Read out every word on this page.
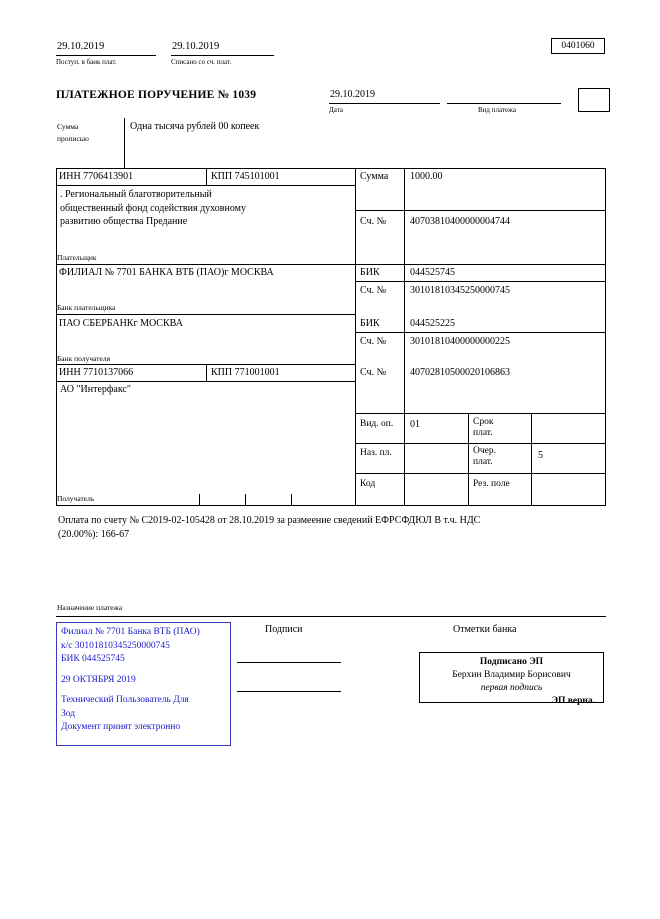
29.10.2019
Поступ. в банк плат.
29.10.2019
Списано со сч. плат.
0401060
ПЛАТЕЖНОЕ ПОРУЧЕНИЕ № 1039	29.10.2019
Дата	Вид платежа
Сумма
прописью
Одна тысяча рублей 00 копеек
ИНН 7706413901	КПП 745101001
. Региональный благотворительный
общественный фонд содействия духовному
развитию общества Предание
Плательщик
ФИЛИАЛ № 7701 БАНКА ВТБ (ПАО)г МОСКВА
Банк плательщика
ПАО СБЕРБАНКг МОСКВА
Банк получателя
ИНН 7710137066	КПП 771001001
АО "Интерфакс"
Получатель
Сумма 1000.00
Сч. № 40703810400000004744
БИК	044525745
Сч. № 30101810345250000745
БИК	044525225
Сч. № 30101810400000000225
Сч. № 40702810500020106863
Вид. оп. 01	Срок
плат.
Наз. пл.	Очер.
плат.
5
Код	Рез. поле
Оплата по счету № С2019-02-105428 от 28.10.2019 за размеение сведений ЕФРСФДЮЛ В т.ч. НДС
(20.00%): 166-67
Назначение платежа
Подписи	Отметки банка
Филиал № 7701 Банка ВТБ (ПАО)
к/с 30101810345250000745
БИК 044525745
29 ОКТЯБРЯ 2019
Технический Пользователь Для
Зод
Документ принят электронно
Подписано ЭП
Берхин Владимир Борисович
первая подпись
ЭП верна.
